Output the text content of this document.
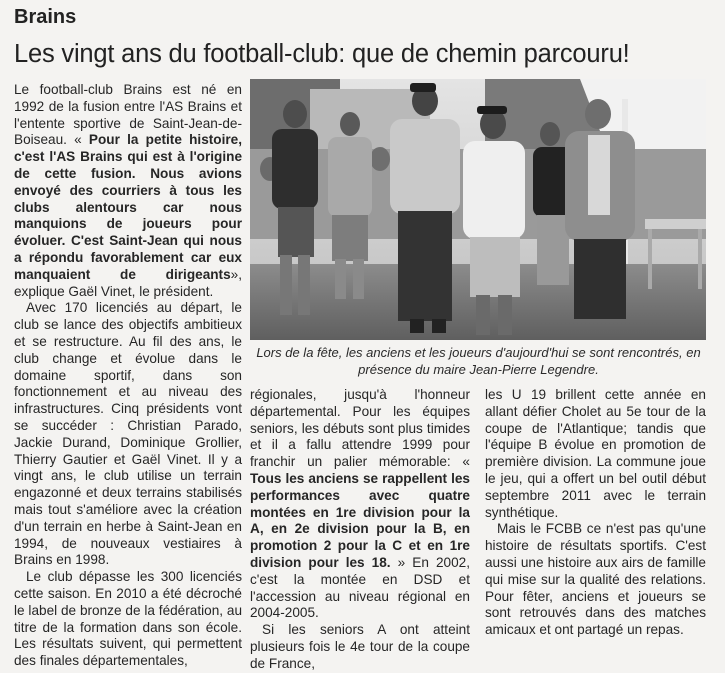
Brains
Les vingt ans du football-club: que de chemin parcouru!

Le football-club Brains est né en 1992 de la fusion entre l'AS Brains et l'entente sportive de Saint-Jean-de-Boiseau. « Pour la petite histoire, c'est l'AS Brains qui est à l'origine de cette fusion. Nous avions envoyé des courriers à tous les clubs alentours car nous manquions de joueurs pour évoluer. C'est Saint-Jean qui nous a répondu favorablement car eux manquaient de dirigeants», explique Gaël Vinet, le président.

Avec 170 licenciés au départ, le club se lance des objectifs ambitieux et se restructure. Au fil des ans, le club change et évolue dans le domaine sportif, dans son fonctionnement et au niveau des infrastructures. Cinq présidents vont se succéder : Christian Parado, Jackie Durand, Dominique Grollier, Thierry Gautier et Gaël Vinet. Il y a vingt ans, le club utilise un terrain engazonné et deux terrains stabilisés mais tout s'améliore avec la création d'un terrain en herbe à Saint-Jean en 1994, de nouveaux vestiaires à Brains en 1998.

Le club dépasse les 300 licenciés cette saison. En 2010 a été décroché le label de bronze de la fédération, au titre de la formation dans son école. Les résultats suivent, qui permettent des finales départementales,

Lors de la fête, les anciens et les joueurs d'aujourd'hui se sont rencontrés, en présence du maire Jean-Pierre Legendre.

régionales, jusqu'à l'honneur départemental. Pour les équipes seniors, les débuts sont plus timides et il a fallu attendre 1999 pour franchir un palier mémorable: « Tous les anciens se rappellent les performances avec quatre montées en 1re division pour la A, en 2e division pour la B, en promotion 2 pour la C et en 1re division pour les 18. » En 2002, c'est la montée en DSD et l'accession au niveau régional en 2004-2005.

Si les seniors A ont atteint plusieurs fois le 4e tour de la coupe de France,

les U 19 brillent cette année en allant défier Cholet au 5e tour de la coupe de l'Atlantique; tandis que l'équipe B évolue en promotion de première division. La commune joue le jeu, qui a offert un bel outil début septembre 2011 avec le terrain synthétique.

Mais le FCBB ce n'est pas qu'une histoire de résultats sportifs. C'est aussi une histoire aux airs de famille qui mise sur la qualité des relations. Pour fêter, anciens et joueurs se sont retrouvés dans des matches amicaux et ont partagé un repas.
